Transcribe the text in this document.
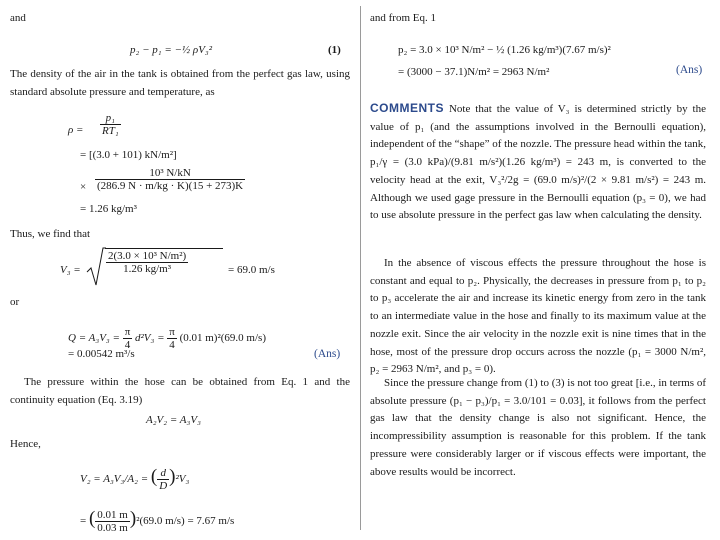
and
p₂ − p₁ = −½ ρV₃²	(1)
The density of the air in the tank is obtained from the perfect gas law, using standard absolute pressure and temperature, as
$\rho = \frac{\text{p₁}}{\text{RT₁}}$
= [(3.0 + 101) kN/m²]
× $\frac{\text{10³ N/kN}}{(286.9 N \cdot m/kg \cdot K)(15 + 273)K}$
= 1.26 kg/m³
Thus, we find that
$V_3 = \frac{\text{2(3.0 × 10³ N/m²)}}{\text{1.26 kg/m³}}$	= 69.0 m/s
or
$Q = A_3V_3 = \frac{\pi}{4} d^2V_3 = \frac{\pi}{4} (0.01$ m)²(69.0 m/s)
= 0.00542 m³/s	(Ans)
The pressure within the hose can be obtained from Eq. 1 and the continuity equation (Eq. 3.19)
A₂V₂ = A₃V₃
Hence,
V₂ = A₃V₃/A₂ = ( $\frac{d}{D} )^2V_3$
= ( $\frac{0.01 m}{0.03 m} )^2(69.0$ m/s) = 7.67 m/s
and from Eq. 1
p₂ = 3.0 × 10³ N/m² − ½ (1.26 kg/m³)(7.67 m/s)²
= (3000 − 37.1)N/m² = 2963 N/m²	(Ans)
COMMENTS Note that the value of V₃ is determined strictly by the value of p₁ (and the assumptions involved in the Bernoulli equation), independent of the “shape” of the nozzle. The pressure head within the tank, p₁/γ = (3.0 kPa)/(9.81 m/s²)(1.26 kg/m³) = 243 m, is converted to the velocity head at the exit, V₃²/2g = (69.0 m/s)²/(2 × 9.81 m/s²) = 243 m. Although we used gage pressure in the Bernoulli equation (p₃ = 0), we had to use absolute pressure in the perfect gas law when calculating the density.
In the absence of viscous effects the pressure throughout the hose is constant and equal to p₂. Physically, the decreases in pressure from p₁ to p₂ to p₃ accelerate the air and increase its kinetic energy from zero in the tank to an intermediate value in the hose and finally to its maximum value at the nozzle exit. Since the air velocity in the nozzle exit is nine times that in the hose, most of the pressure drop occurs across the nozzle (p₁ = 3000 N/m², p₂ = 2963 N/m², and p₃ = 0).
Since the pressure change from (1) to (3) is not too great [i.e., in terms of absolute pressure (p₁ − p₃)/p₁ = 3.0/101 = 0.03], it follows from the perfect gas law that the density change is also not significant. Hence, the incompressibility assumption is reasonable for this problem. If the tank pressure were considerably larger or if viscous effects were important, the above results would be incorrect.
